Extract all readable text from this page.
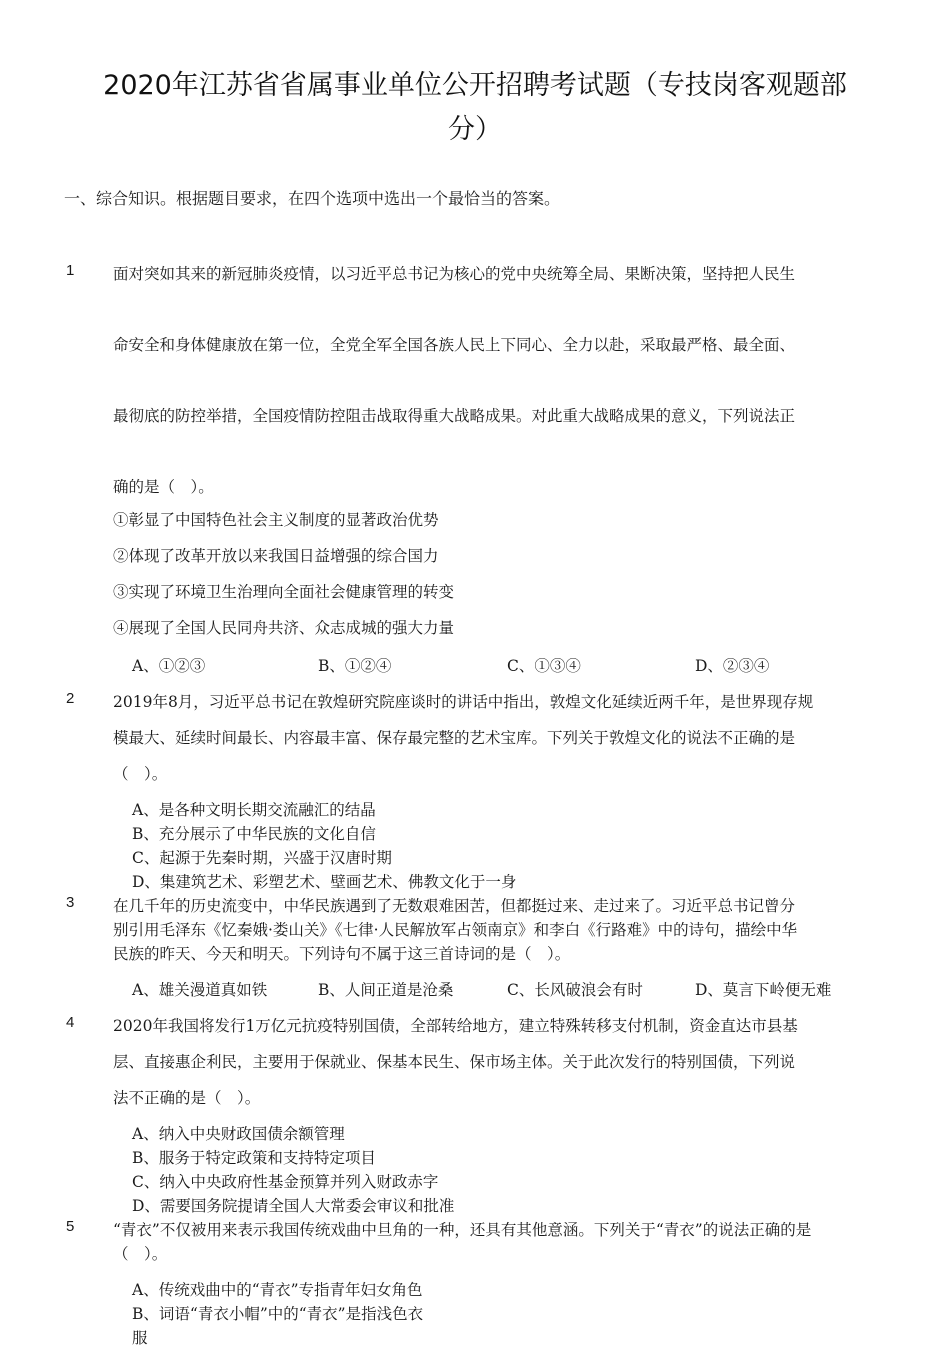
2020年江苏省省属事业单位公开招聘考试题（专技岗客观题部
分）
一、综合知识。根据题目要求，在四个选项中选出一个最恰当的答案。
1 面对突如其来的新冠肺炎疫情，以习近平总书记为核心的党中央统筹全局、果断决策，坚持把人民生
命安全和身体健康放在第一位，全党全军全国各族人民上下同心、全力以赴，采取最严格、最全面、
最彻底的防控举措，全国疫情防控阻击战取得重大战略成果。对此重大战略成果的意义，下列说法正
确的是（　）。
①彰显了中国特色社会主义制度的显著政治优势
②体现了改革开放以来我国日益增强的综合国力
③实现了环境卫生治理向全面社会健康管理的转变
④展现了全国人民同舟共济、众志成城的强大力量
A、①②③	B、①②④	C、①③④	D、②③④
2 2019年8月，习近平总书记在敦煌研究院座谈时的讲话中指出，敦煌文化延续近两千年，是世界现存规
模最大、延续时间最长、内容最丰富、保存最完整的艺术宝库。下列关于敦煌文化的说法不正确的是
（　）。
A、是各种文明长期交流融汇的结晶
B、充分展示了中华民族的文化自信
C、起源于先秦时期，兴盛于汉唐时期
D、集建筑艺术、彩塑艺术、壁画艺术、佛教文化于一身
3 在几千年的历史流变中，中华民族遇到了无数艰难困苦，但都挺过来、走过来了。习近平总书记曾分
别引用毛泽东《忆秦娥·娄山关》《七律·人民解放军占领南京》和李白《行路难》中的诗句，描绘中华
民族的昨天、今天和明天。下列诗句不属于这三首诗词的是（　）。
A、雄关漫道真如铁	B、人间正道是沧桑	C、长风破浪会有时	D、莫言下岭便无难
4 2020年我国将发行1万亿元抗疫特别国债，全部转给地方，建立特殊转移支付机制，资金直达市县基
层、直接惠企利民，主要用于保就业、保基本民生、保市场主体。关于此次发行的特别国债，下列说
法不正确的是（　）。
A、纳入中央财政国债余额管理
B、服务于特定政策和支持特定项目
C、纳入中央政府性基金预算并列入财政赤字
D、需要国务院提请全国人大常委会审议和批准
5 “青衣”不仅被用来表示我国传统戏曲中旦角的一种，还具有其他意涵。下列关于“青衣”的说法正确的是
（　）。
A、传统戏曲中的“青衣”专指青年妇女角色
B、词语“青衣小帽”中的“青衣”是指浅色衣
服
